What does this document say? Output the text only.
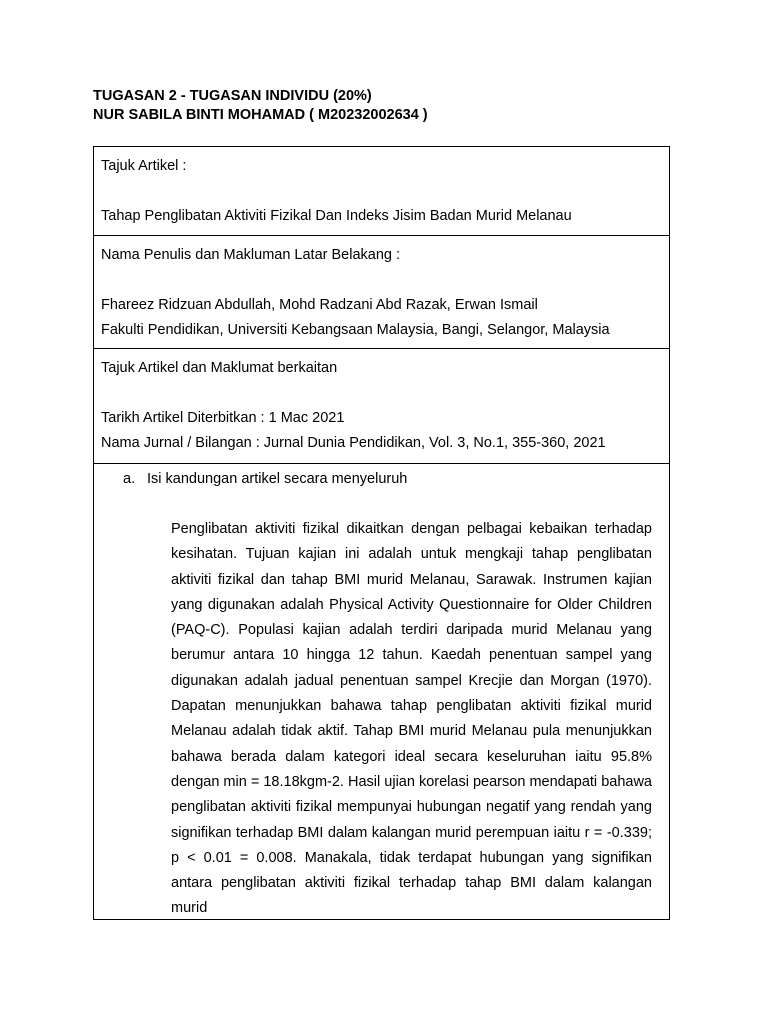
TUGASAN 2 - TUGASAN INDIVIDU (20%)
NUR SABILA BINTI MOHAMAD ( M20232002634 )
Tajuk Artikel :
Tahap Penglibatan Aktiviti Fizikal Dan Indeks Jisim Badan Murid Melanau
Nama Penulis dan Makluman Latar Belakang :
Fhareez Ridzuan Abdullah, Mohd Radzani Abd Razak, Erwan Ismail
Fakulti Pendidikan, Universiti Kebangsaan Malaysia, Bangi, Selangor, Malaysia
Tajuk Artikel dan Maklumat berkaitan
Tarikh Artikel Diterbitkan : 1 Mac 2021
Nama Jurnal / Bilangan : Jurnal Dunia Pendidikan, Vol. 3, No.1, 355-360, 2021
a. Isi kandungan artikel secara menyeluruh
Penglibatan aktiviti fizikal dikaitkan dengan pelbagai kebaikan terhadap kesihatan. Tujuan kajian ini adalah untuk mengkaji tahap penglibatan aktiviti fizikal dan tahap BMI murid Melanau, Sarawak. Instrumen kajian yang digunakan adalah Physical Activity Questionnaire for Older Children (PAQ-C). Populasi kajian adalah terdiri daripada murid Melanau yang berumur antara 10 hingga 12 tahun. Kaedah penentuan sampel yang digunakan adalah jadual penentuan sampel Krecjie dan Morgan (1970). Dapatan menunjukkan bahawa tahap penglibatan aktiviti fizikal murid Melanau adalah tidak aktif. Tahap BMI murid Melanau pula menunjukkan bahawa berada dalam kategori ideal secara keseluruhan iaitu 95.8% dengan min = 18.18kgm-2. Hasil ujian korelasi pearson mendapati bahawa penglibatan aktiviti fizikal mempunyai hubungan negatif yang rendah yang signifikan terhadap BMI dalam kalangan murid perempuan iaitu r = -0.339; p < 0.01 = 0.008. Manakala, tidak terdapat hubungan yang signifikan antara penglibatan aktiviti fizikal terhadap tahap BMI dalam kalangan murid
